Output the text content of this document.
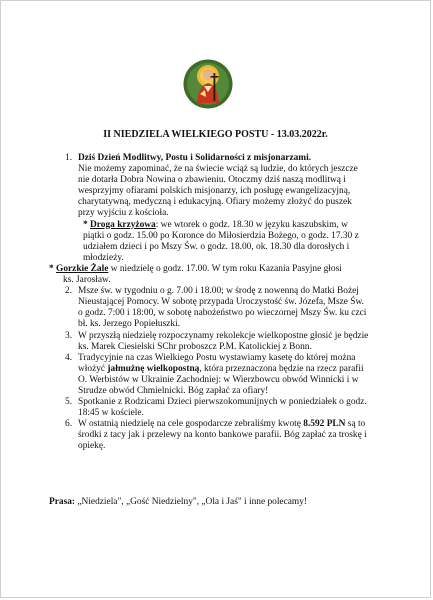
II NIEDZIELA WIELKIEGO POSTU - 13.03.2022r.

1. Dziś Dzień Modlitwy, Postu i Solidarności z misjonarzami.
Nie możemy zapominać, że na świecie wciąż są ludzie, do których jeszcze nie dotarła Dobra Nowina o zbawieniu. Otoczmy dziś naszą modlitwą i wesprzyjmy ofiarami polskich misjonarzy, ich posługę ewangelizacyjną, charytatywną, medyczną i edukacyjną. Ofiary możemy złożyć do puszek przy wyjściu z kościoła.

* Droga krzyżowa: we wtorek o godz. 18.30 w języku kaszubskim, w piątki o godz. 15.00 po Koronce do Miłosierdzia Bożego, o godz. 17.30 z udziałem dzieci i po Mszy Św. o godz. 18.00, ok. 18.30 dla dorosłych i młodzieży.

* Gorzkie Żale w niedzielę o godz. 17.00. W tym roku Kazania Pasyjne głosi
ks. Jarosław.

2. Msze św. w tygodniu o g. 7.00 i 18.00; w środę z nowenną do Matki Bożej Nieustającej Pomocy. W sobotę przypada Uroczystość św. Józefa, Msze Św. o godz. 7:00 i 18:00, w sobotę nabożeństwo po wieczornej Mszy Św. ku czci bł. ks. Jerzego Popiełuszki.

3. W przyszłą niedzielę rozpoczynamy rekolekcje wielkopostne głosić je będzie ks. Marek Ciesielski SChr proboszcz P.M. Katolickiej z Bonn.

4. Tradycyjnie na czas Wielkiego Postu wystawiamy kasetę do której można włożyć jałmużnę wielkopostną, która przeznaczona będzie na rzecz parafii O. Werbistów w Ukrainie Zachodniej: w Wierzbowcu obwód Winnicki i w Strudze obwód Chmielnicki. Bóg zapłać za ofiary!

5. Spotkanie z Rodzicami Dzieci pierwszokomunijnych w poniedziałek o godz. 18:45 w kościele.

6. W ostatnią niedzielę na cele gospodarcze zebraliśmy kwotę 8.592 PLN są to środki z tacy jak i przelewy na konto bankowe parafii. Bóg zapłać za troskę i opiekę.

Prasa: „Niedziela", „Gość Niedzielny", „Ola i Jaś" i inne polecamy!
